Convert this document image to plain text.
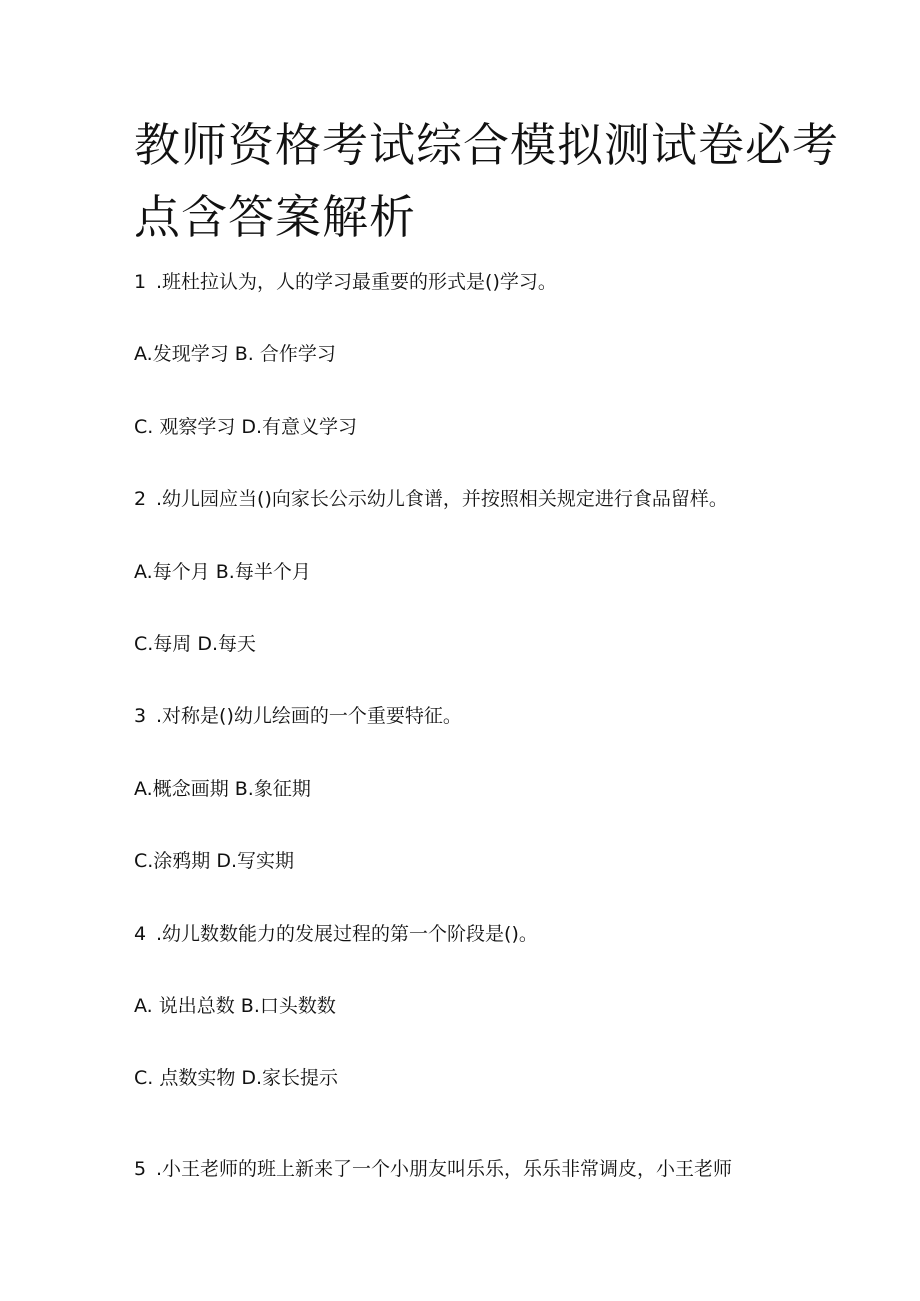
教师资格考试综合模拟测试卷必考
点含答案解析
1 .班杜拉认为，人的学习最重要的形式是()学习。
A.发现学习 B. 合作学习
C. 观察学习 D.有意义学习
2 .幼儿园应当()向家长公示幼儿食谱，并按照相关规定进行食品留样。
A.每个月 B.每半个月
C.每周 D.每天
3 .对称是()幼儿绘画的一个重要特征。
A.概念画期 B.象征期
C.涂鸦期 D.写实期
4 .幼儿数数能力的发展过程的第一个阶段是()。
A. 说出总数 B.口头数数
C. 点数实物 D.家长提示
5 .小王老师的班上新来了一个小朋友叫乐乐，乐乐非常调皮，小王老师
